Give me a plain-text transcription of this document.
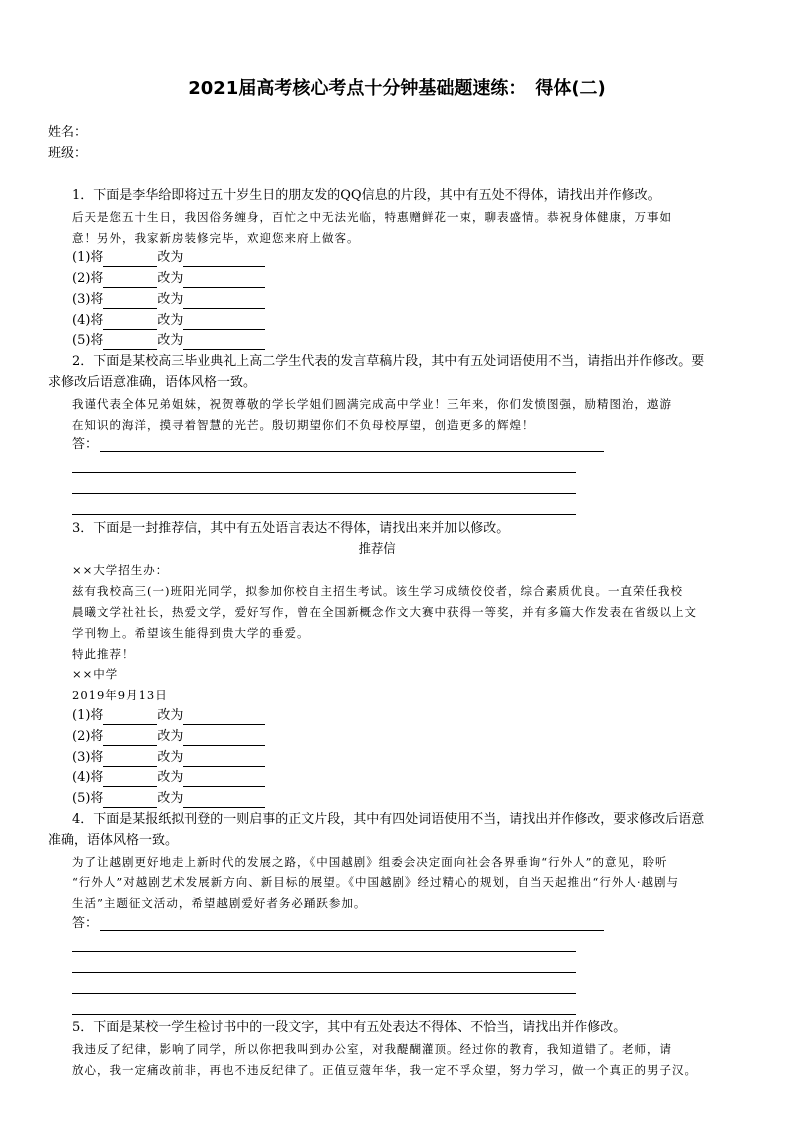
2021届高考核心考点十分钟基础题速练：　得体(二)
姓名：
班级：
1．下面是李华给即将过五十岁生日的朋友发的QQ信息的片段，其中有五处不得体，请找出并作修改。
后天是您五十生日，我因俗务缠身，百忙之中无法光临，特惠赠鲜花一束，聊表盛情。恭祝身体健康，万事如
意！另外，我家新房装修完毕，欢迎您来府上做客。
(1)将	改为
(2)将	改为
(3)将	改为
(4)将	改为
(5)将	改为
2．下面是某校高三毕业典礼上高二学生代表的发言草稿片段，其中有五处词语使用不当，请指出并作修改。要
求修改后语意准确，语体风格一致。
我谨代表全体兄弟姐妹，祝贺尊敬的学长学姐们圆满完成高中学业！三年来，你们发愤图强，励精图治，遨游
在知识的海洋，摸寻着智慧的光芒。殷切期望你们不负母校厚望，创造更多的辉煌！
答：
3．下面是一封推荐信，其中有五处语言表达不得体，请找出来并加以修改。
推荐信
××大学招生办：
兹有我校高三(一)班阳光同学，拟参加你校自主招生考试。该生学习成绩佼佼者，综合素质优良。一直荣任我校
晨曦文学社社长，热爱文学，爱好写作，曾在全国新概念作文大赛中获得一等奖，并有多篇大作发表在省级以上文
学刊物上。希望该生能得到贵大学的垂爱。
特此推荐！
××中学
2019年9月13日
(1)将	改为
(2)将	改为
(3)将	改为
(4)将	改为
(5)将	改为
4．下面是某报纸拟刊登的一则启事的正文片段，其中有四处词语使用不当，请找出并作修改，要求修改后语意
准确，语体风格一致。
为了让越剧更好地走上新时代的发展之路，《中国越剧》组委会决定面向社会各界垂询“行外人”的意见，聆听
“行外人”对越剧艺术发展新方向、新目标的展望。《中国越剧》经过精心的规划，自当天起推出“行外人·越剧与
生活”主题征文活动，希望越剧爱好者务必踊跃参加。
答：
5．下面是某校一学生检讨书中的一段文字，其中有五处表达不得体、不恰当，请找出并作修改。
我违反了纪律，影响了同学，所以你把我叫到办公室，对我醍醐灌顶。经过你的教育，我知道错了。老师，请
放心，我一定痛改前非，再也不违反纪律了。正值豆蔻年华，我一定不孚众望，努力学习，做一个真正的男子汉。
